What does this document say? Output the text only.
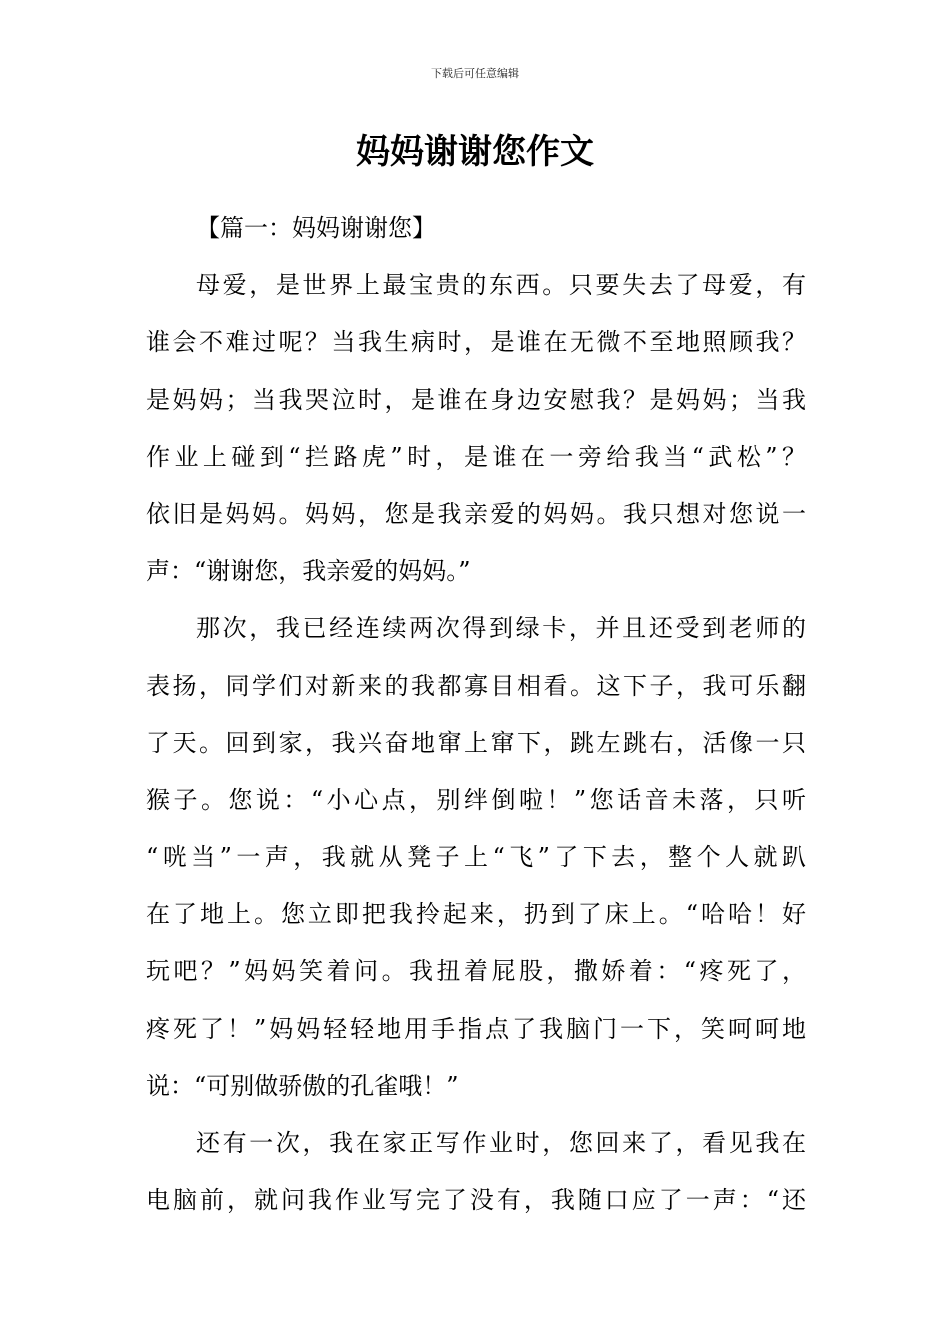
下载后可任意编辑
妈妈谢谢您作文
【篇一：妈妈谢谢您】
母爱，是世界上最宝贵的东西。只要失去了母爱，有
谁会不难过呢？当我生病时，是谁在无微不至地照顾我？
是妈妈；当我哭泣时，是谁在身边安慰我？是妈妈；当我
作业上碰到“拦路虎”时，是谁在一旁给我当“武松”？
依旧是妈妈。妈妈，您是我亲爱的妈妈。我只想对您说一
声：“谢谢您，我亲爱的妈妈。”
那次，我已经连续两次得到绿卡，并且还受到老师的
表扬，同学们对新来的我都寡目相看。这下子，我可乐翻
了天。回到家，我兴奋地窜上窜下，跳左跳右，活像一只
猴子。您说：“小心点，别绊倒啦！”您话音未落，只听
“咣当”一声，我就从凳子上“飞”了下去，整个人就趴
在了地上。您立即把我拎起来，扔到了床上。“哈哈！好
玩吧？”妈妈笑着问。我扭着屁股，撒娇着：“疼死了，
疼死了！”妈妈轻轻地用手指点了我脑门一下，笑呵呵地
说：“可别做骄傲的孔雀哦！”
还有一次，我在家正写作业时，您回来了，看见我在
电脑前，就问我作业写完了没有，我随口应了一声：“还
